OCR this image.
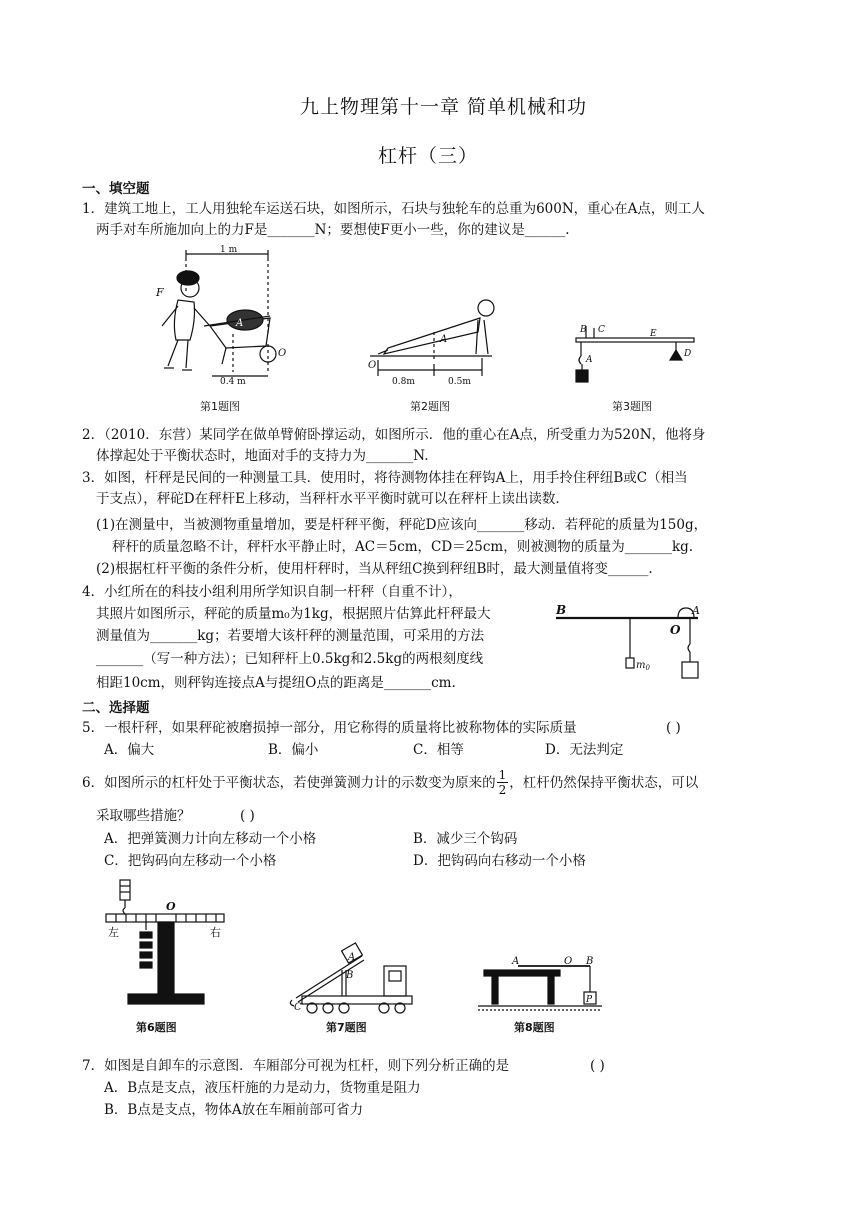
九上物理第十一章 简单机械和功
杠杆（三）
一、填空题
1．建筑工地上，工人用独轮车运送石块，如图所示，石块与独轮车的总重为600N，重心在A点，则工人
两手对车所施加向上的力F是_______N；要想使F更小一些，你的建议是______.
1 m
0.4 m
F
A
O
第1题图
A
O
0.8m	0.5m
第2题图
B C	E
A
D
第3题图
2．（2010．东营）某同学在做单臂俯卧撑运动，如图所示．他的重心在A点，所受重力为520N，他将身
体撑起处于平衡状态时，地面对手的支持力为_______N.
3．如图，杆秤是民间的一种测量工具．使用时，将待测物体挂在秤钩A上，用手拎住秤纽B或C（相当
于支点），秤砣D在秤杆E上移动，当秤杆水平平衡时就可以在秤杆上读出读数.
(1)在测量中，当被测物重量增加，要是杆秤平衡，秤砣D应该向_______移动．若秤砣的质量为150g，
秤杆的质量忽略不计，秤杆水平静止时，AC＝5cm，CD＝25cm，则被测物的质量为_______kg.
(2)根据杠杆平衡的条件分析，使用杆秤时，当从秤纽C换到秤纽B时，最大测量值将变______.
4．小红所在的科技小组利用所学知识自制一杆秤（自重不计），
其照片如图所示，秤砣的质量m₀为1kg，根据照片估算此杆秤最大
测量值为_______kg；若要增大该杆秤的测量范围，可采用的方法
_______（写一种方法）；已知秤杆上0.5kg和2.5kg的两根刻度线
相距10cm，则秤钩连接点A与提纽O点的距离是_______cm.
B	A
O
$m_0$
二、选择题
5．一根杆秤，如果秤砣被磨损掉一部分，用它称得的质量将比被称物体的实际质量	( )
A．偏大	B．偏小	C．相等	D．无法判定
6．如图所示的杠杆处于平衡状态，若使弹簧测力计的示数变为原来的 $\frac{1}{2}$ ，杠杆仍然保持平衡状态，可以
采取哪些措施？	( )
A．把弹簧测力计向左移动一个小格	B．减少三个钩码
C．把钩码向左移动一个小格	D．把钩码向右移动一个小格
O
左	右
第6题图
A
B
C
第7题图
A	O B
P
第8题图
7．如图是自卸车的示意图．车厢部分可视为杠杆，则下列分析正确的是	( )
A．B点是支点，液压杆施的力是动力，货物重是阻力
B．B点是支点，物体A放在车厢前部可省力
